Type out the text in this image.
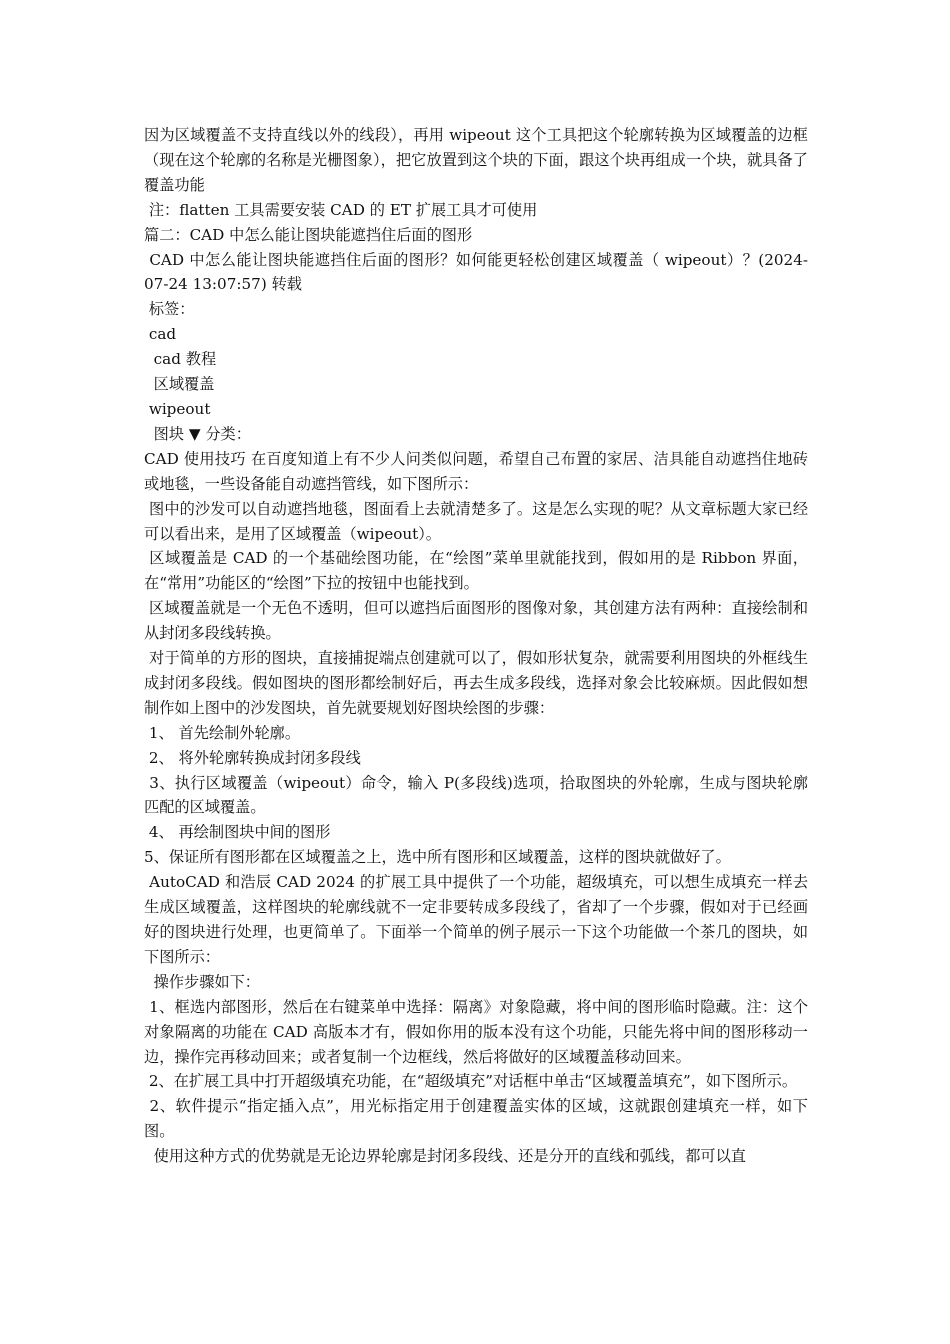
因为区域覆盖不支持直线以外的线段），再用 wipeout 这个工具把这个轮廓转换为区域覆盖的边框（现在这个轮廓的名称是光栅图象），把它放置到这个块的下面，跟这个块再组成一个块，就具备了覆盖功能

注：flatten 工具需要安装 CAD 的 ET 扩展工具才可使用

篇二：CAD 中怎么能让图块能遮挡住后面的图形

CAD 中怎么能让图块能遮挡住后面的图形？如何能更轻松创建区域覆盖（ wipeout）？(2024-07-24 13:07:57) 转载

标签：

cad

cad 教程

区域覆盖

wipeout

图块 ▼ 分类：

CAD 使用技巧 在百度知道上有不少人问类似问题，希望自己布置的家居、洁具能自动遮挡住地砖或地毯，一些设备能自动遮挡管线，如下图所示：

图中的沙发可以自动遮挡地毯，图面看上去就清楚多了。这是怎么实现的呢？从文章标题大家已经可以看出来，是用了区域覆盖（wipeout）。

区域覆盖是 CAD 的一个基础绘图功能，在“绘图”菜单里就能找到，假如用的是 Ribbon 界面，在“常用”功能区的“绘图”下拉的按钮中也能找到。

区域覆盖就是一个无色不透明，但可以遮挡后面图形的图像对象，其创建方法有两种：直接绘制和从封闭多段线转换。

对于简单的方形的图块，直接捕捉端点创建就可以了，假如形状复杂，就需要利用图块的外框线生成封闭多段线。假如图块的图形都绘制好后，再去生成多段线，选择对象会比较麻烦。因此假如想制作如上图中的沙发图块，首先就要规划好图块绘图的步骤：

1、 首先绘制外轮廓。

2、 将外轮廓转换成封闭多段线

3、执行区域覆盖（wipeout）命令，输入 P(多段线)选项，拾取图块的外轮廓，生成与图块轮廓匹配的区域覆盖。

4、 再绘制图块中间的图形

5、保证所有图形都在区域覆盖之上，选中所有图形和区域覆盖，这样的图块就做好了。

AutoCAD 和浩辰 CAD 2024 的扩展工具中提供了一个功能，超级填充，可以想生成填充一样去生成区域覆盖，这样图块的轮廓线就不一定非要转成多段线了，省却了一个步骤，假如对于已经画好的图块进行处理，也更简单了。下面举一个简单的例子展示一下这个功能做一个茶几的图块，如下图所示：

操作步骤如下：

1、框选内部图形，然后在右键菜单中选择：隔离》对象隐藏，将中间的图形临时隐藏。注：这个对象隔离的功能在 CAD 高版本才有，假如你用的版本没有这个功能，只能先将中间的图形移动一边，操作完再移动回来；或者复制一个边框线，然后将做好的区域覆盖移动回来。

2、在扩展工具中打开超级填充功能，在“超级填充”对话框中单击“区域覆盖填充”，如下图所示。

2、软件提示“指定插入点”，用光标指定用于创建覆盖实体的区域，这就跟创建填充一样，如下图。

使用这种方式的优势就是无论边界轮廓是封闭多段线、还是分开的直线和弧线，都可以直
